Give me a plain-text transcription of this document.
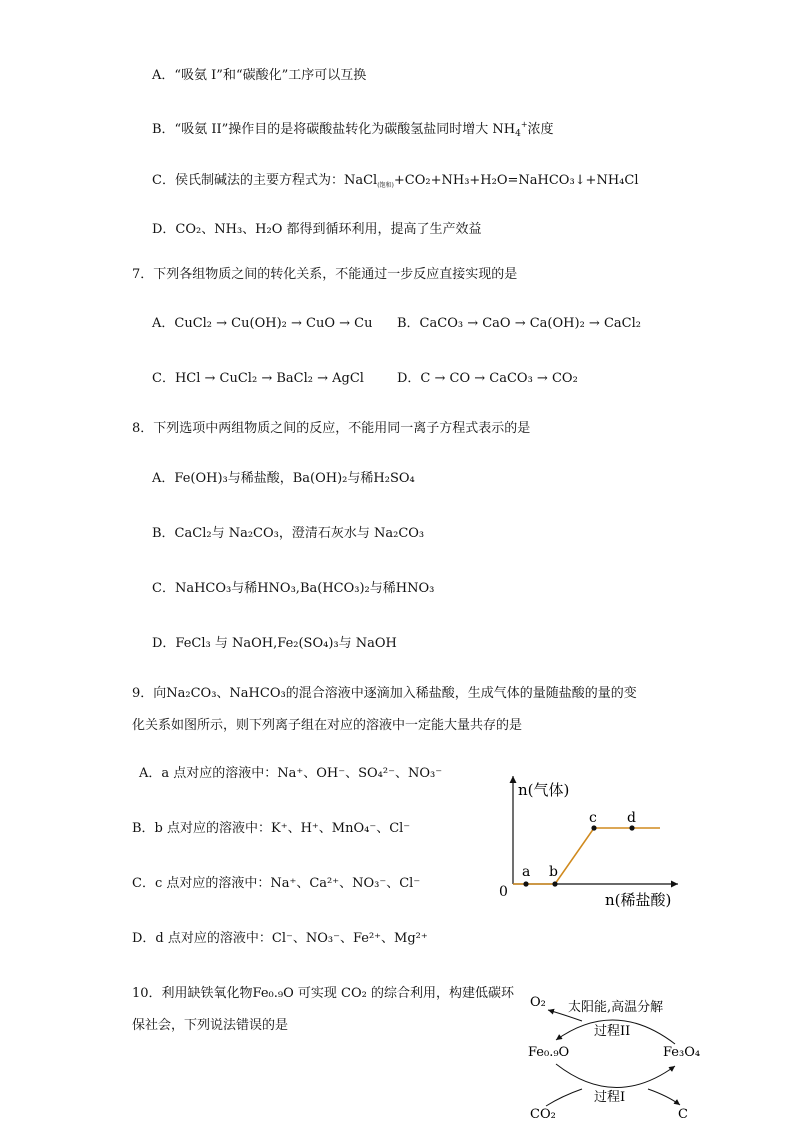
A．“吸氨 I”和“碳酸化”工序可以互换
B．“吸氨 II”操作目的是将碳酸盐转化为碳酸氢盐同时增大 $NH_4^+$浓度
C．侯氏制碱法的主要方程式为：NaCl$_{(饱和)}$+CO₂+NH₃+H₂O=NaHCO₃↓+NH₄Cl
D．CO₂、NH₃、H₂O 都得到循环利用，提高了生产效益
7．下列各组物质之间的转化关系，不能通过一步反应直接实现的是
A．CuCl₂ → Cu(OH)₂ → CuO → Cu B．CaCO₃ → CaO → Ca(OH)₂ → CaCl₂
C．HCl → CuCl₂ → BaCl₂ → AgCl	D．C → CO → CaCO₃ → CO₂
8．下列选项中两组物质之间的反应，不能用同一离子方程式表示的是
A．Fe(OH)₃与稀盐酸，Ba(OH)₂与稀H₂SO₄
B．CaCl₂与 Na₂CO₃，澄清石灰水与 Na₂CO₃
C．NaHCO₃与稀HNO₃,Ba(HCO₃)₂与稀HNO₃
D．FeCl₃ 与 NaOH,Fe₂(SO₄)₃与 NaOH
9．向Na₂CO₃、NaHCO₃的混合溶液中逐滴加入稀盐酸，生成气体的量随盐酸的量的变
化关系如图所示，则下列离子组在对应的溶液中一定能大量共存的是
A．a 点对应的溶液中：Na⁺、OH⁻、SO₄²⁻、NO₃⁻
B．b 点对应的溶液中：K⁺、H⁺、MnO₄⁻、Cl⁻
C．c 点对应的溶液中：Na⁺、Ca²⁺、NO₃⁻、Cl⁻
D．d 点对应的溶液中：Cl⁻、NO₃⁻、Fe²⁺、Mg²⁺
n(气体)
n(稀盐酸)
0
a b
c d
10．利用缺铁氧化物Fe₀.₉O 可实现 CO₂ 的综合利用，构建低碳环
保社会，下列说法错误的是
O₂ 太阳能,高温分解
过程II
Fe₀.₉O	Fe₃O₄
过程I
CO₂	C
